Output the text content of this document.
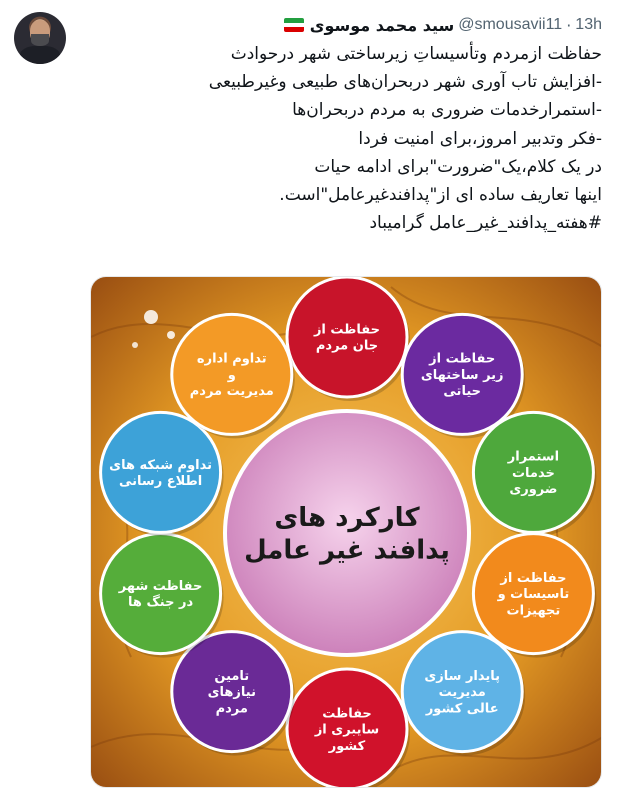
سید محمد موسوی @smousavii11 · 13h
حفاظت ازمردم وتأسیساتِ زیرساختی شهر درحوادث
-افزایش تاب آوری شهر دربحران‌های طبیعی وغیرطبیعی
-استمرارخدمات ضروری به مردم دربحران‌ها
-فکر وتدبیر امروز،برای امنیت فردا
در یک کلام،یک"ضرورت"برای ادامه حیات
اینها تعاریف ساده ای از"پدافندغیرعامل"است.
#هفته_پدافند_غیر_عامل گرامیباد
حفاظت از
جان مردم
حفاظت از
زیر ساختهای
حیاتی
استمرار
خدمات
ضروری
حفاظت از
تاسیسات و
تجهیزات
پایدار سازی
مدیریت
عالی کشور
حفاظت
سایبری از
کشور
تامین
نیازهای
مردم
حفاظت شهر
در جنگ ها
تداوم شبکه های
اطلاع رسانی
تداوم اداره
و
مدیریت مردم
کارکرد های
پدافند غیر عامل
